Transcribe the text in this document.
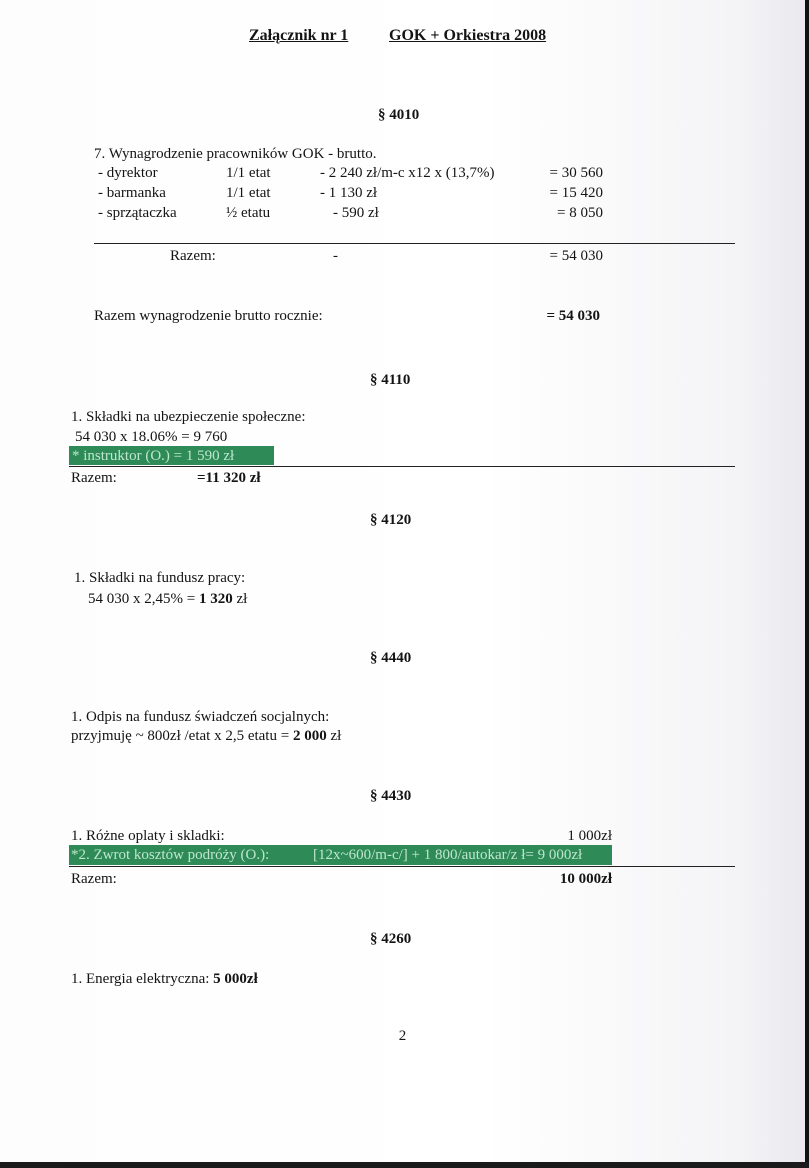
Załącznik nr 1	GOK + Orkiestra 2008
§ 4010
7. Wynagrodzenie pracowników GOK - brutto.
- dyrektor	1/1 etat	- 2 240 zł/m-c x12 x (13,7%)	= 30 560
- barmanka	1/1 etat	- 1 130 zł	= 15 420
- sprzątaczka	½ etatu	- 590 zł	= 8 050
Razem:	-	= 54 030
Razem wynagrodzenie brutto rocznie:	= 54 030
§ 4110
1. Składki na ubezpieczenie społeczne:
54 030 x 18.06% = 9 760
* instruktor (O.) = 1 590 zł
Razem:	=11 320 zł
§ 4120
1. Składki na fundusz pracy:
54 030 x 2,45% = 1 320 zł
§ 4440
1. Odpis na fundusz świadczeń socjalnych:
przyjmuję ~ 800zł /etat x 2,5 etatu = 2 000 zł
§ 4430
1. Różne oplaty i skladki:	1 000zł
*2. Zwrot kosztów podróży (O.):	[12x~600/m-c/] + 1 800/autokar/z ł= 9 000zł
Razem:	10 000zł
§ 4260
1. Energia elektryczna: 5 000zł
2
